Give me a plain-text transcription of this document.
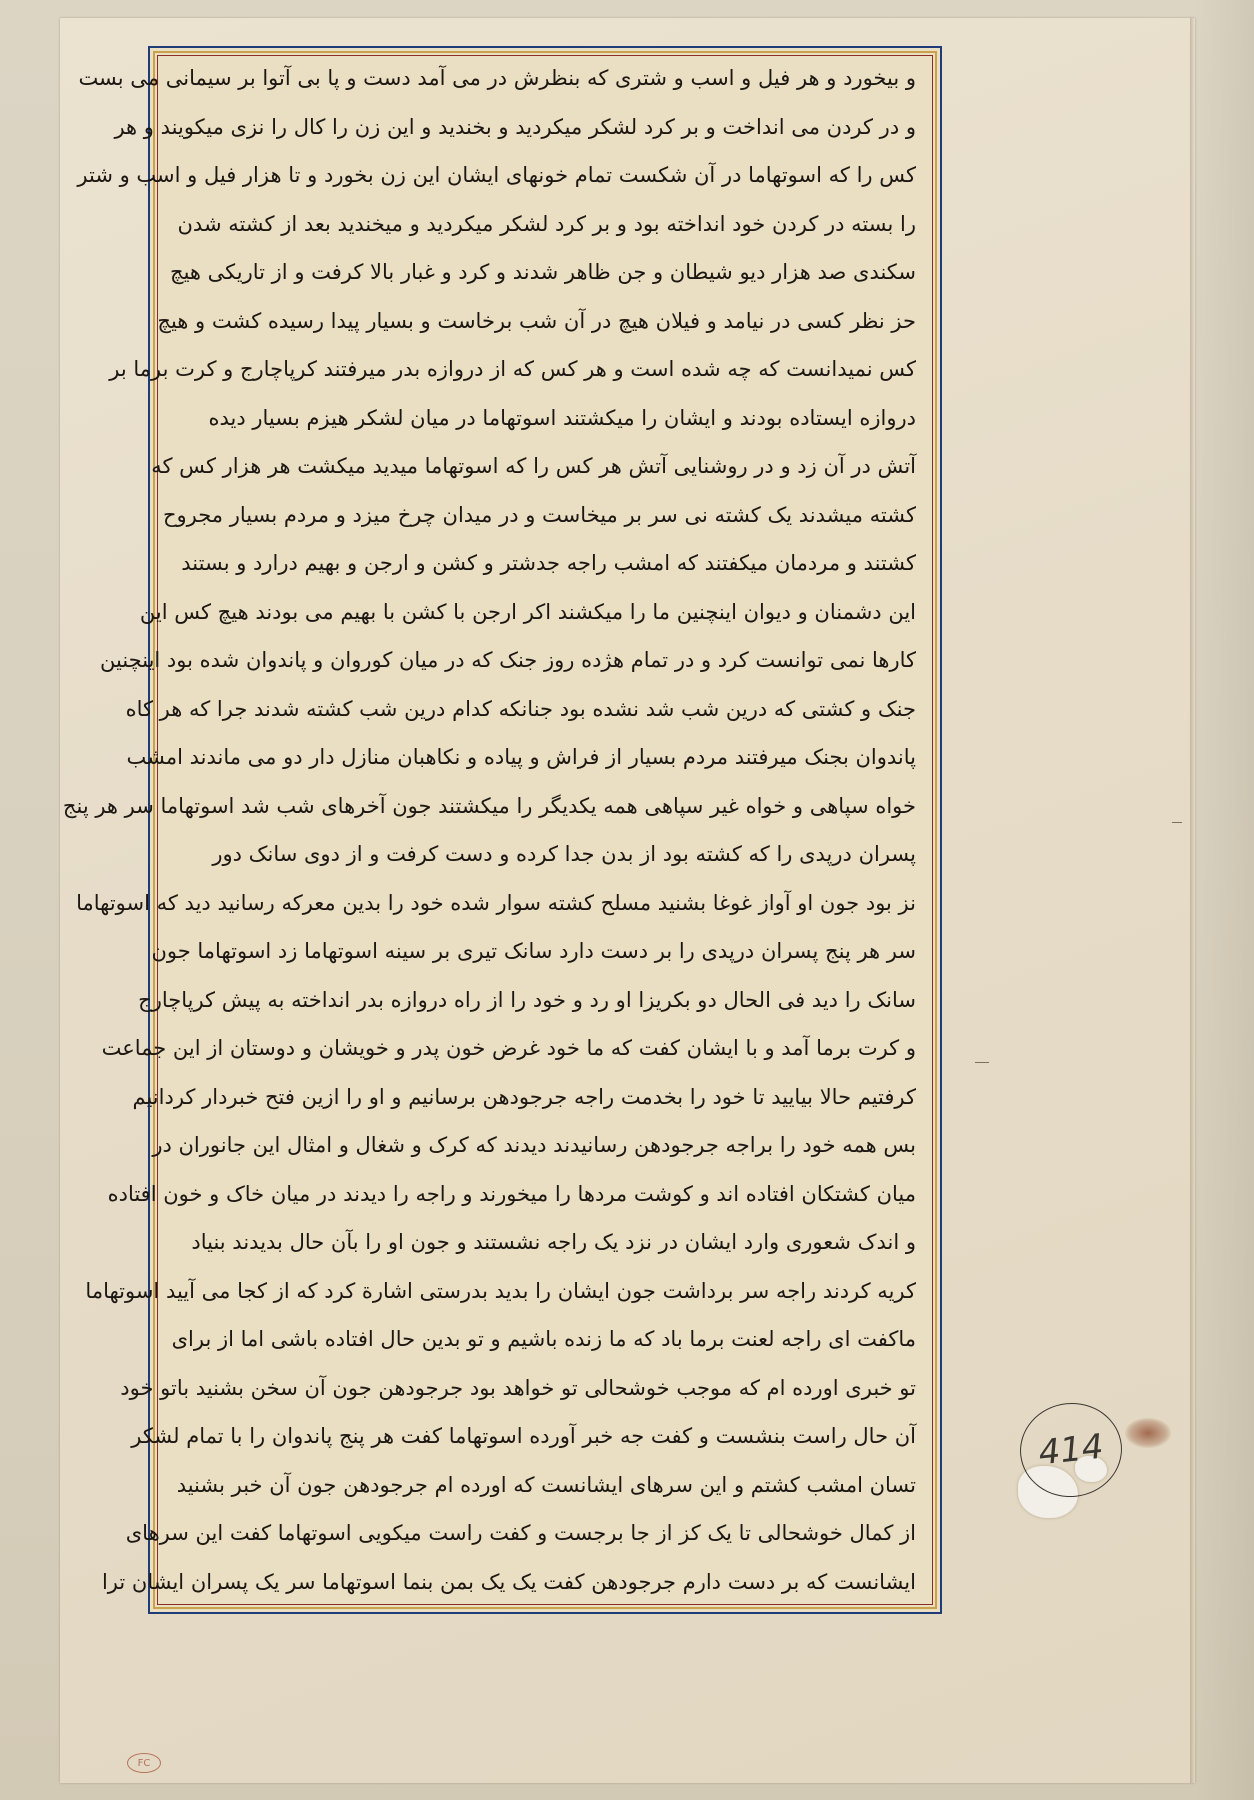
و بیخورد و هر فیل و اسب و شتری که بنظرش در می آمد دست و پا بی آتوا بر سیمانی می بست
و در کردن می انداخت و بر کرد لشکر میکردید و بخندید و این زن را کال را نزی میکویند و هر
کس را که اسوتهاما در آن شکست تمام خونهای ایشان این زن بخورد و تا هزار فیل و اسب و شتر
را بسته در کردن خود انداخته بود و بر کرد لشکر میکردید و میخندید بعد از کشته شدن
سکندی صد هزار دیو شیطان و جن ظاهر شدند و کرد و غبار بالا کرفت و از تاریکی هیچ
حز نظر کسی در نیامد و فیلان هیچ در آن شب برخاست و بسیار پیدا رسیده کشت و هیچ
کس نمیدانست که چه شده است و هر کس که از دروازه بدر میرفتند کرپاچارج و کرت برما بر
دروازه ایستاده بودند و ایشان را میکشتند اسوتهاما در میان لشکر هیزم بسیار دیده
آتش در آن زد و در روشنایی آتش هر کس را که اسوتهاما میدید میکشت هر هزار کس که
کشته میشدند یک کشته نی سر بر میخاست و در میدان چرخ میزد و مردم بسیار مجروح
کشتند و مردمان میکفتند که امشب راجه جدشتر و کشن و ارجن و بهیم درارد و بستند
این دشمنان و دیوان اینچنین ما را میکشند اکر ارجن با کشن با بهیم می بودند هیچ کس این
کارها نمی توانست کرد و در تمام هژده روز جنک که در میان کوروان و پاندوان شده بود اینچنین
جنک و کشتی که درین شب شد نشده بود جنانکه کدام درین شب کشته شدند جرا که هر کاه
پاندوان بجنک میرفتند مردم بسیار از فراش و پیاده و نکاهبان منازل دار دو می ماندند امشب
خواه سپاهی و خواه غیر سپاهی همه یکدیگر را میکشتند جون آخرهای شب شد اسوتهاما سر هر پنج
پسران درپدی را که کشته بود از بدن جدا کرده و دست کرفت و از دوی سانک دور
نز بود جون او آواز غوغا بشنید مسلح کشته سوار شده خود را بدین معرکه رسانید دید که اسوتهاما
سر هر پنج پسران درپدی را بر دست دارد سانک تیری بر سینه اسوتهاما زد اسوتهاما جون
سانک را دید فی الحال دو بکریزا او رد و خود را از راه دروازه بدر انداخته به پیش کرپاچارج
و کرت برما آمد و با ایشان کفت که ما خود غرض خون پدر و خویشان و دوستان از این جماعت
کرفتیم حالا بیایید تا خود را بخدمت راجه جرجودهن برسانیم و او را ازین فتح خبردار کردانیم
بس همه خود را براجه جرجودهن رسانیدند دیدند که کرک و شغال و امثال این جانوران در
میان کشتکان افتاده اند و کوشت مردها را میخورند و راجه را دیدند در میان خاک و خون افتاده
و اندک شعوری وارد ایشان در نزد یک راجه نشستند و جون او را بآن حال بدیدند بنیاد
کریه کردند راجه سر برداشت جون ایشان را بدید بدرستی اشارة کرد که از کجا می آیید اسوتهاما
ماکفت ای راجه لعنت برما باد که ما زنده باشیم و تو بدین حال افتاده باشی اما از برای
تو خبری اورده ام که موجب خوشحالی تو خواهد بود جرجودهن جون آن سخن بشنید باتو خود
آن حال راست بنشست و کفت جه خبر آورده اسوتهاما کفت هر پنج پاندوان را با تمام لشکر
تسان امشب کشتم و این سرهای ایشانست که اورده ام جرجودهن جون آن خبر بشنید
از کمال خوشحالی تا یک کز از جا برجست و کفت راست میکویی اسوتهاما کفت این سرهای
ایشانست که بر دست دارم جرجودهن کفت یک یک بمن بنما اسوتهاما سر یک پسران ایشان ترا
414
FC
